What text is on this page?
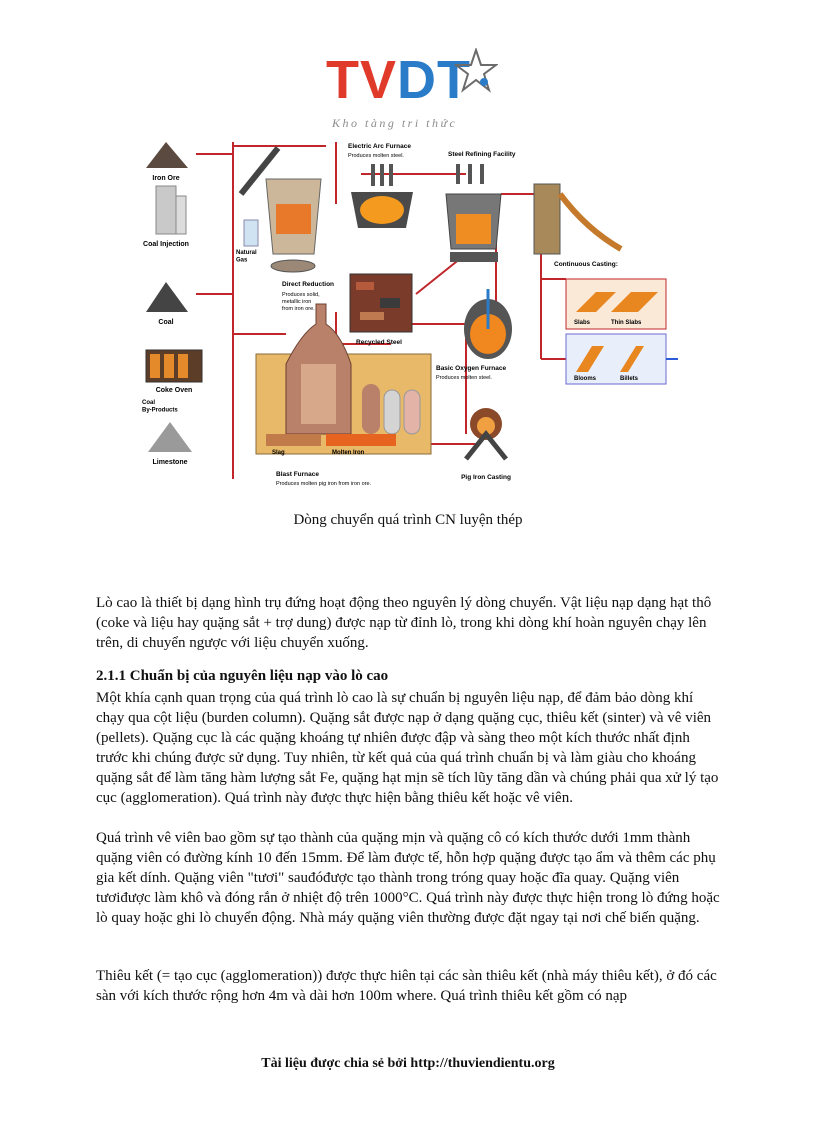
TVDT
Kho tàng tri thức
Iron Ore
Coal Injection
Coal
Coke Oven
Coal By-Products
Limestone
Natural Gas
Direct Reduction
Produces solid, metallic iron from iron ore.
Electric Arc Furnace
Produces molten steel.
Recycled Steel
Steel Refining Facility
Basic Oxygen Furnace
Produces molten steel.
Slag	Molten Iron
Blast Furnace
Produces molten pig iron from iron ore.
Pig Iron Casting
Continuous Casting:
Slabs	Thin Slabs
Blooms	Billets
Dòng chuyển quá trình CN luyện thép
Lò cao là thiết bị dạng hình trụ đứng hoạt động theo nguyên lý dòng chuyển. Vật liệu nạp dạng hạt thô (coke và liệu hay quặng sắt + trợ dung) được nạp từ đỉnh lò, trong khi dòng khí hoàn nguyên chạy lên trên, di chuyển ngược với liệu chuyển xuống.
2.1.1 Chuẩn bị của nguyên liệu nạp vào lò cao
Một khía cạnh quan trọng của quá trình lò cao là sự chuẩn bị nguyên liệu nạp, để đảm bảo dòng khí chạy qua cột liệu (burden column). Quặng sắt được nạp ở dạng quặng cục, thiêu kết (sinter) và vê viên (pellets). Quặng cục là các quặng khoáng tự nhiên được đập và sàng theo một kích thước nhất định trước khi chúng được sử dụng. Tuy nhiên, từ kết quả của quá trình chuẩn bị và làm giàu cho khoáng quặng sắt để làm tăng hàm lượng sắt Fe, quặng hạt mịn sẽ tích lũy tăng dần và chúng phải qua xử lý tạo cục (agglomeration). Quá trình này được thực hiện bằng thiêu kết hoặc vê viên.
Quá trình vê viên bao gồm sự tạo thành của quặng mịn và quặng cô có kích thước dưới 1mm thành quặng viên có đường kính 10 đến 15mm. Để làm được tế, hỗn hợp quặng được tạo ẩm và thêm các phụ gia kết dính. Quặng viên "tươi" sauđóđược tạo thành trong tróng quay hoặc đĩa quay. Quặng viên tươiđược làm khô và đóng rắn ở nhiệt độ trên 1000°C. Quá trình này được thực hiện trong lò đứng hoặc lò quay hoặc ghi lò chuyển động. Nhà máy quặng viên thường được đặt ngay tại nơi chế biến quặng.
Thiêu kết (= tạo cục (agglomeration)) được thực hiên tại các sàn thiêu kết (nhà máy thiêu kết), ở đó các sàn với kích thước rộng hơn 4m và dài hơn 100m where. Quá trình thiêu kết gồm có nạp
Tài liệu được chia sẻ bởi http://thuviendientu.org
